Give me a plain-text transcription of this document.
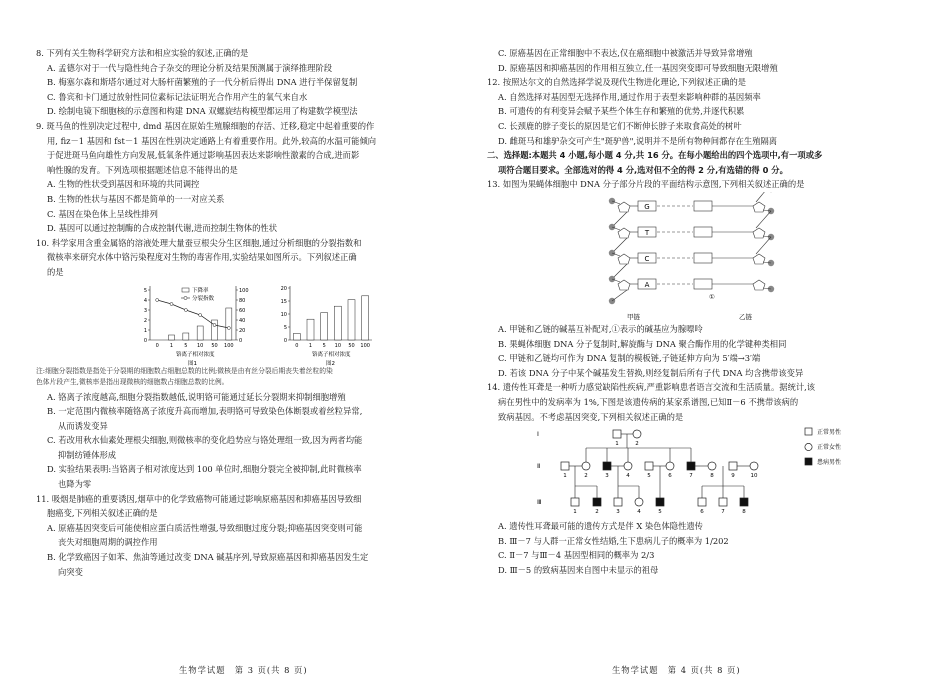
8. 下列有关生物科学研究方法和相应实验的叙述,正确的是

A. 孟德尔对于一代与隐性纯合子杂交的理论分析及结果预测属于演绎推理阶段

B. 梅塞尔森和斯塔尔通过对大肠杆菌繁殖的子一代分析后得出 DNA 进行半保留复制

C. 鲁宾和卡门通过放射性同位素标记法证明光合作用产生的氧气来自水

D. 绘制电镜下细胞核的示意图和构建 DNA 双螺旋结构模型都运用了构建数学模型法

9. 斑马鱼的性别决定过程中, dmd 基因在原始生殖腺细胞的存活、迁移,稳定中起着重要的作

用, fiz－1 基因和 fst－1 基因在性别决定通路上有着重要作用。此外,较高的水温可能倾向

于促进斑马鱼向雄性方向发展,低氧条件通过影响基因表达来影响性激素的合成,进而影

响性腺的发育。下列选项根据题述信息不能得出的是

A. 生物的性状受到基因和环境的共同调控

B. 生物的性状与基因不都是简单的一一对应关系

C. 基因在染色体上呈线性排列

D. 基因可以通过控制酶的合成控制代谢,进而控制生物体的性状

10. 科学家用含重金属铬的溶液处理大量蚕豆根尖分生区细胞,通过分析细胞的分裂指数和

微核率来研究水体中铬污染程度对生物的毒害作用,实验结果如图所示。下列叙述正确

的是

0
1
2
3
4
5
0
20
40
60
80
100
0 1 5 10 50 100
下降率
分裂指数
铬离子相对浓度
图1
0
5
10
15
20
0 1 5 10 50 100
铬离子相对浓度
图2

注:细胞分裂指数是指处于分裂期的细胞数占细胞总数的比例;微核是由有丝分裂后期丧失着丝粒的染

色体片段产生,微核率是指出现微核的细胞数占细胞总数的比例。

A. 铬离子浓度越高,细胞分裂指数越低,说明铬可能通过延长分裂期来抑制细胞增殖

B. 一定范围内微核率随铬离子浓度升高而增加,表明铬可导致染色体断裂或着丝粒异常,

从而诱发变异

C. 若改用秋水仙素处理根尖细胞,则微核率的变化趋势应与铬处理组一致,因为两者均能

抑制纺锤体形成

D. 实验结果表明:当铬离子相对浓度达到 100 单位时,细胞分裂完全被抑制,此时微核率

也降为零

11. 吸烟是肺癌的重要诱因,烟草中的化学致癌物可能通过影响原癌基因和抑癌基因导致细

胞癌变,下列相关叙述正确的是

A. 原癌基因突变后可能使相应蛋白质活性增强,导致细胞过度分裂;抑癌基因突变则可能

丧失对细胞周期的调控作用

B. 化学致癌因子如苯、焦油等通过改变 DNA 碱基序列,导致原癌基因和抑癌基因发生定

向突变

生物学试题　第 3 页(共 8 页)

C. 原癌基因在正常细胞中不表达,仅在癌细胞中被激活并导致异常增殖

D. 原癌基因和抑癌基因的作用相互独立,任一基因突变即可导致细胞无限增殖

12. 按照达尔文的自然选择学说及现代生物进化理论,下列叙述正确的是

A. 自然选择对基因型无选择作用,通过作用于表型来影响种群的基因频率

B. 可遗传的有利变异会赋予某些个体生存和繁殖的优势,并逐代积累

C. 长颈鹿的脖子变长的原因是它们不断伸长脖子来取食高处的树叶

D. 雌斑马和雄驴杂交可产生"斑驴兽",说明并不是所有物种间都存在生殖隔离

二、选择题:本题共 4 小题,每小题 4 分,共 16 分。在每小题给出的四个选项中,有一项或多

项符合题目要求。全部选对的得 4 分,选对但不全的得 2 分,有选错的得 0 分。

13. 如图为果蝇体细胞中 DNA 分子部分片段的平面结构示意图,下列相关叙述正确的是

G
T
C
A
甲链	乙链
①

A. 甲链和乙链的碱基互补配对,①表示的碱基应为腺嘌呤

B. 果蝇体细胞 DNA 分子复制时,解旋酶与 DNA 聚合酶作用的化学键种类相同

C. 甲链和乙链均可作为 DNA 复制的模板链,子链延伸方向为 5′端→3′端

D. 若该 DNA 分子中某个碱基发生替换,则经复制后所有子代 DNA 均含携带该变异

14. 遗传性耳聋是一种听力感觉缺陷性疾病,严重影响患者语言交流和生活质量。据统计,该

病在男性中的发病率为 1%,下图是该遗传病的某家系谱图,已知Ⅱ－6 不携带该病的

致病基因。不考虑基因突变,下列相关叙述正确的是

Ⅰ
Ⅱ
Ⅲ
1	2
1	2	3	4	5	6	7	8	9	10
1	2	3	4	5	6	7	8
正常男性
正常女性
患病男性

A. 遗传性耳聋最可能的遗传方式是伴 X 染色体隐性遗传

B. Ⅲ－7 与人群一正常女性结婚,生下患病儿子的概率为 1/202

C. Ⅱ－7 与Ⅲ－4 基因型相同的概率为 2/3

D. Ⅲ－5 的致病基因来自图中未显示的祖母

生物学试题　第 4 页(共 8 页)
